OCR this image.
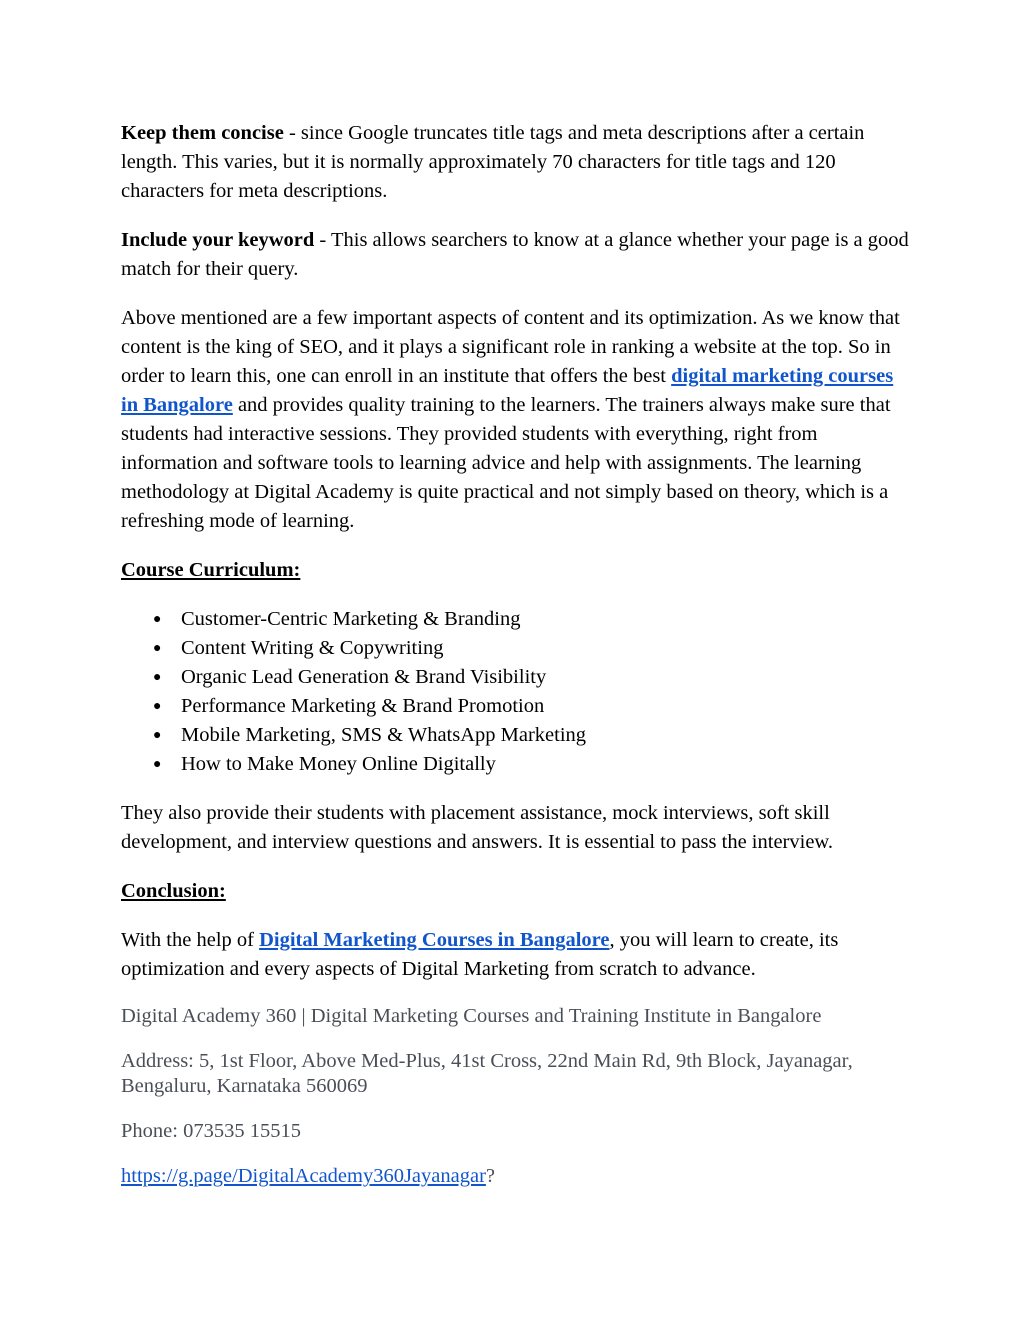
Keep them concise - since Google truncates title tags and meta descriptions after a certain length. This varies, but it is normally approximately 70 characters for title tags and 120 characters for meta descriptions.

Include your keyword - This allows searchers to know at a glance whether your page is a good match for their query.

Above mentioned are a few important aspects of content and its optimization. As we know that content is the king of SEO, and it plays a significant role in ranking a website at the top. So in order to learn this, one can enroll in an institute that offers the best digital marketing courses in Bangalore and provides quality training to the learners. The trainers always make sure that students had interactive sessions. They provided students with everything, right from information and software tools to learning advice and help with assignments. The learning methodology at Digital Academy is quite practical and not simply based on theory, which is a refreshing mode of learning.

Course Curriculum:

● Customer-Centric Marketing & Branding
● Content Writing & Copywriting
● Organic Lead Generation & Brand Visibility
● Performance Marketing & Brand Promotion
● Mobile Marketing, SMS & WhatsApp Marketing
● How to Make Money Online Digitally

They also provide their students with placement assistance, mock interviews, soft skill development, and interview questions and answers. It is essential to pass the interview.

Conclusion:

With the help of Digital Marketing Courses in Bangalore, you will learn to create, its optimization and every aspects of Digital Marketing from scratch to advance.

Digital Academy 360 | Digital Marketing Courses and Training Institute in Bangalore

Address: 5, 1st Floor, Above Med-Plus, 41st Cross, 22nd Main Rd, 9th Block, Jayanagar, Bengaluru, Karnataka 560069

Phone: 073535 15515

https://g.page/DigitalAcademy360Jayanagar?
